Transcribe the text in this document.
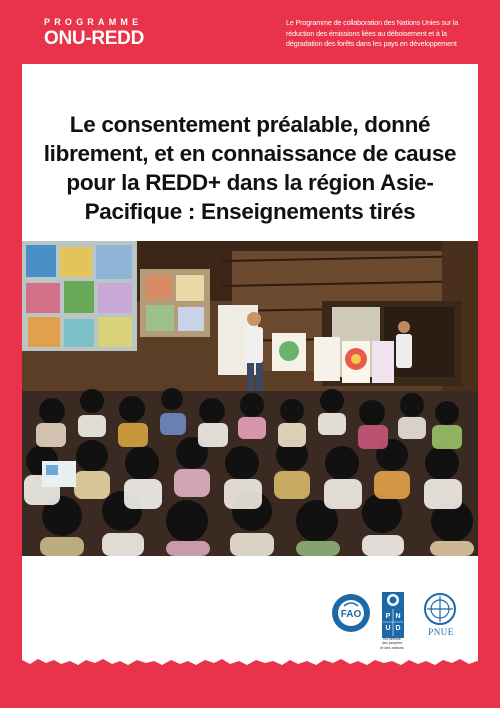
PROGRAMME
ONU-REDD
Le Programme de collaboration des Nations Unies sur la réduction des émissions liées au déboisement et à la dégradation des forêts dans les pays en développement
Le consentement préalable, donné librement, et en connaissance de cause pour la REDD+ dans la région Asie-Pacifique : Enseignements tirés
FAO	P N
U D
Au service des peuples et des nations
PNUE
